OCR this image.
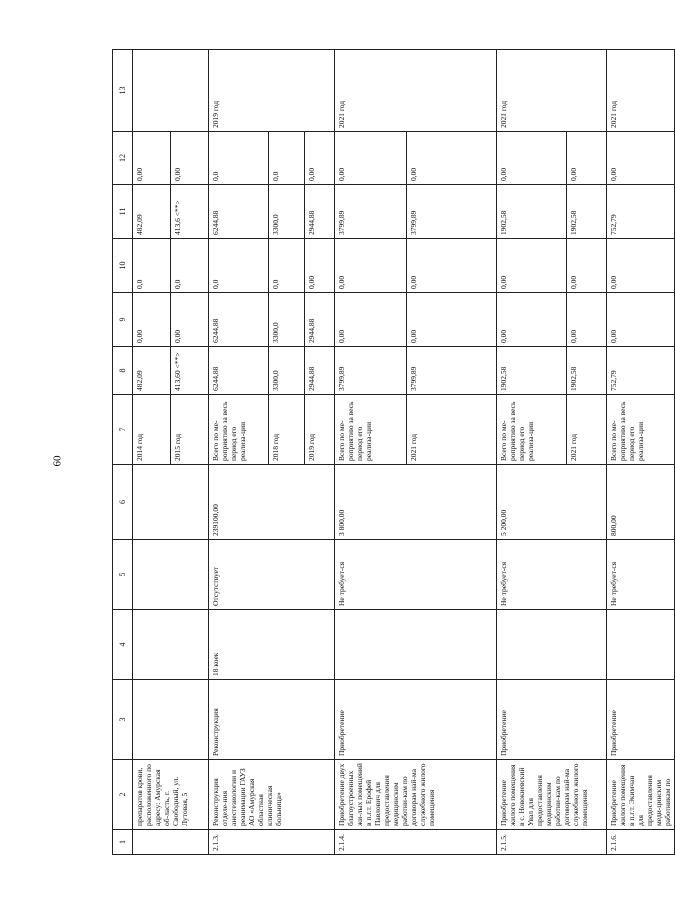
60
1	2	3	4	5	6	7	8	9	10	11	12	13
	препаратов крови, расположенного по адресу: Амурская об-ласть, г. Свободный, ул. Лутовая, 5					2014 год	482,09	0,00	0,0	482,09	0,00	
						2015 год	413,60 <**>	0,00	0,0	413,6 <**>	0,00	
2.1.3.	Реконструкция отделе-ния анестезиологии и реанимации ГАУЗ АО «Амурская областная клиническая больница»	Реконструкция	18 коек	Отсутствует	239100,00	Всего по ме-роприятию за весь период его реализа-ции	6244,88	6244,88	0,0	6244,88	0,0	2019 год
						2018 год	3300,0	3300,0	0,0	3300,0	0,0	
						2019 год	2944,88	2944,88	0,00	2944,88	0,00	
2.1.4.	Приобретение двух благоустроенных жи-лых помещений в п.г.т. Ерофей Павлович для предоставления медицинским работни-кам по договорам най-ма служебного жилого помещения	Приобретение		Не требует-ся	3 800,00	Всего по ме-роприятию за весь период его реализа-ции	3799,89	0,00	0,00	3799,89	0,00	2021 год
						2021 год	3799,89	0,00	0,00	3799,89	0,00	
2.1.5.	Приобретение жилого помещения в с. Новокиевский Увал для предоставления медицинским работни-кам по договорам най-ма служебного жилого помещения	Приобретение		Не требует-ся	5 200,00	Всего по ме-роприятию за весь период его реализа-ции	1902,58	0,00	0,00	1902,58	0,00	2021 год
						2021 год	1902,58	0,00	0,00	1902,58	0,00	
2.1.6.	Приобретение жилого помещения в п.г.т. Экимчан для предоставления меди-цинским работникам по	Приобретение		Не требует-ся	800,00	Всего по ме-роприятию за весь период его реализа-ции	752,79	0,00	0,00	752,79	0,00	2021 год
